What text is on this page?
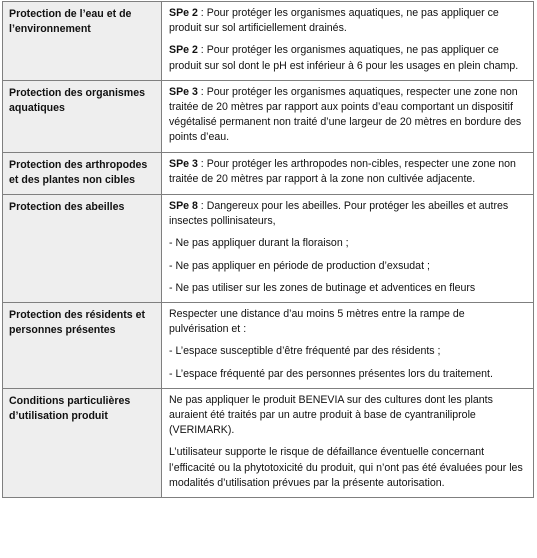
Protection de l’eau et de l’environnement	SPe 2 : Pour protéger les organismes aquatiques, ne pas appliquer ce produit sur sol artificiellement drainés.

SPe 2 : Pour protéger les organismes aquatiques, ne pas appliquer ce produit sur sol dont le pH est inférieur à 6 pour les usages en plein champ.

Protection des organismes aquatiques	SPe 3 : Pour protéger les organismes aquatiques, respecter une zone non traitée de 20 mètres par rapport aux points d’eau comportant un dispositif végétalisé permanent non traité d’une largeur de 20 mètres en bordure des points d’eau.

Protection des arthropodes et des plantes non cibles	SPe 3 : Pour protéger les arthropodes non-cibles, respecter une zone non traitée de 20 mètres par rapport à la zone non cultivée adjacente.

Protection des abeilles	SPe 8 : Dangereux pour les abeilles. Pour protéger les abeilles et autres insectes pollinisateurs,

- Ne pas appliquer durant la floraison ;

- Ne pas appliquer en période de production d’exsudat ;

- Ne pas utiliser sur les zones de butinage et adventices en fleurs

Protection des résidents et personnes présentes	Respecter une distance d’au moins 5 mètres entre la rampe de pulvérisation et :

- L’espace susceptible d’être fréquenté par des résidents ;

- L’espace fréquenté par des personnes présentes lors du traitement.

Conditions particulières d’utilisation produit	Ne pas appliquer le produit BENEVIA sur des cultures dont les plants auraient été traités par un autre produit à base de cyantraniliprole (VERIMARK).

L’utilisateur supporte le risque de défaillance éventuelle concernant l’efficacité ou la phytotoxicité du produit, qui n’ont pas été évaluées pour les modalités d’utilisation prévues par la présente autorisation.
